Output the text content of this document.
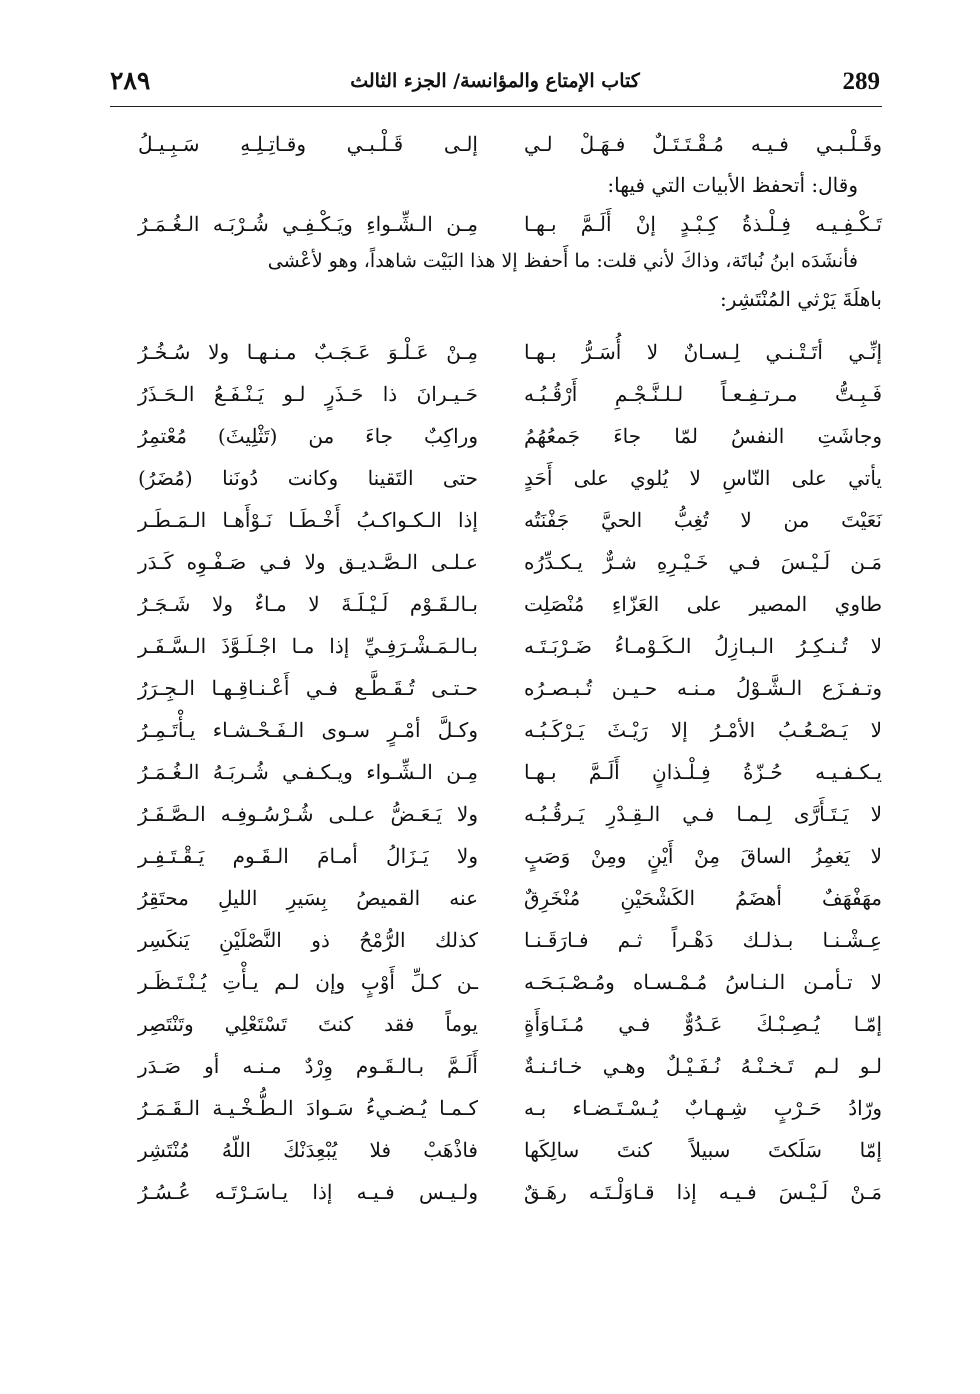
289
كتاب الإمتاع والمؤانسة/ الجزء الثالث
٢٨٩
وقَـلْـبـي فـيـه مُـقْـتَـتَـلٌ فـهَـلْ لـي
إلـى قَـلْـبـي وقـاتِـلِـهِ سَـبِـيـلُ
وقال: أتحفظ الأبيات التي فيها:
تَـكْـفِـيـه فِـلْـذةُ كِـبْـدٍ إنْ أَلَـمَّ بـهـا
مِـن الـشِّـواءِ ويَـكْـفِـي شُـرْبَـه الـغُـمَـرُ
فأنشَدَه ابنُ نُباتَة، وذاكَ لأني قلت: ما أَحفظ إلا هذا البَيْت شاهداً، وهو لأعْشى
باهلَةَ يَرْثي المُنْتَشِر:
إنِّـي أتَـتْـنـي لِـسـانٌ لا أُسَـرُّ بـهـا
مِـنْ عَـلْـوَ عَـجَـبٌ مـنـهـا ولا سُـخُـرُ
فَـبِـتُّ مـرتـفِـعـاً لـلـنَّـجْـمِ أَرْقُـبُـه
حَـيـرانَ ذا حَـذَرٍ لـو يَـنْـفَـعُ الـحَـذَرُ
وجاشَتِ النفسُ لمّا جاءَ جَمعُهُمُ
وراكِبٌ جاءَ من (تَثْلِيثَ) مُعْتمِرُ
يأتي على النّاسِ لا يُلوي على أَحَدٍ
حتى التَقينا وكانت دُونَنا (مُضَرُ)
نَعَيْتَ من لا تُغِبُّ الحيَّ جَفْنَتُه
إذا الـكـواكـبُ أَخْـطَـا نَـوْأَهـا الـمَـطَـر
مَـن لَـيْـسَ فـي خَـيْـرِهِ شـرٌّ يـكـدِّرُه
عـلـى الـصَّـديـق ولا فـي صَـفْـوِه كَـدَر
طاوي المصير على العَزّاءِ مُنْصَلِت
بـالـقَـوْم لَـيْـلَـةَ لا مـاءٌ ولا شَـجَـرُ
لا تُـنـكِـرُ الـبـازِلُ الـكَـوْمـاءُ ضَـرْبَـتَـه
بـالـمَـشْـرَفِـيِّ إذا مـا اجْـلَـوَّذَ الـسَّـفَـر
وتـفـزَع الـشَّـوْلُ مـنـه حـيـن تُـبـصـرُه
حـتـى تُـقَـطَّـع فـي أَعْـنـاقِـهـا الـجِـرَرُ
لا يَـصْـعُـبُ الأمْـرُ إلا رَيْـثَ يَـرْكَـبُـه
وكـلَّ أمْـرٍ سـوى الـفَـحْـشـاء يـأْتَـمِـرُ
يـكـفـيـه حُـزّةُ فِـلْـذانٍ أَلَـمَّ بـهـا
مِـن الـشِّـواء ويـكـفـي شُـربَـهُ الـغُـمَـرُ
لا يَـتَـأَرَّى لِـمـا فـي الـقِـدْرِ يَـرقُـبُـه
ولا يَـعَـضُّ عـلـى شُـرْسُـوفِـه الـصَّـفَـرُ
لا يَغمِزُ الساقَ مِنْ أَيْنٍ ومِنْ وَصَبٍ
ولا يَـزَالُ أمـامَ الـقَـوم يَـقْـتَـفِـر
مهَفْهَفٌ أهضَمُ الكَشْحَيْنِ مُنْخَرِقٌ
عنه القميصُ بِسَيرِ الليلِ محتَقِرُ
عِـشْـنـا بـذلـك دَهْـراً ثـم فـارَقَـنـا
كذلك الرُّمْحُ ذو النَّصْلَيْنِ يَنكَسِر
لا تـأمـن الـنـاسُ مُـمْـسـاه ومُـصْـبَـحَـه
ـن كـلِّ أَوْبٍ وإن لـم يـأْتِ يُـنْـتَـظَـر
إمّـا يُـصِـبْـكَ عَـدُوٌّ فـي مُـنَـاوَأَةٍ
يوماً فقد كنتَ تَسْتَعْلِي وتَنْتَصِر
لـو لـم تَـخـنْـهُ نُـفَـيْـلٌ وهـي خـائـنـةٌ
أَلَـمَّ بـالـقَـوم وِرْدٌ مـنـه أو صَـدَر
ورّادُ حَـرْبٍ شِـهـابٌ يُـسْـتَـضـاء بـه
كـمـا يُـضـيءُ سَـوادَ الـطُّـخْـيـة الـقَـمَـرُ
إمّا سَلَكتَ سبيلاً كنتَ سالِكَها
فاذْهَبْ فلا يُبْعِدَنْكَ اللّهُ مُنْتَشِر
مَـنْ لَـيْـسَ فـيـه إذا قـاوَلْـتَـه رهَـقٌ
ولـيـس فـيـه إذا يـاسَـرْتَـه عُـسُـرُ
